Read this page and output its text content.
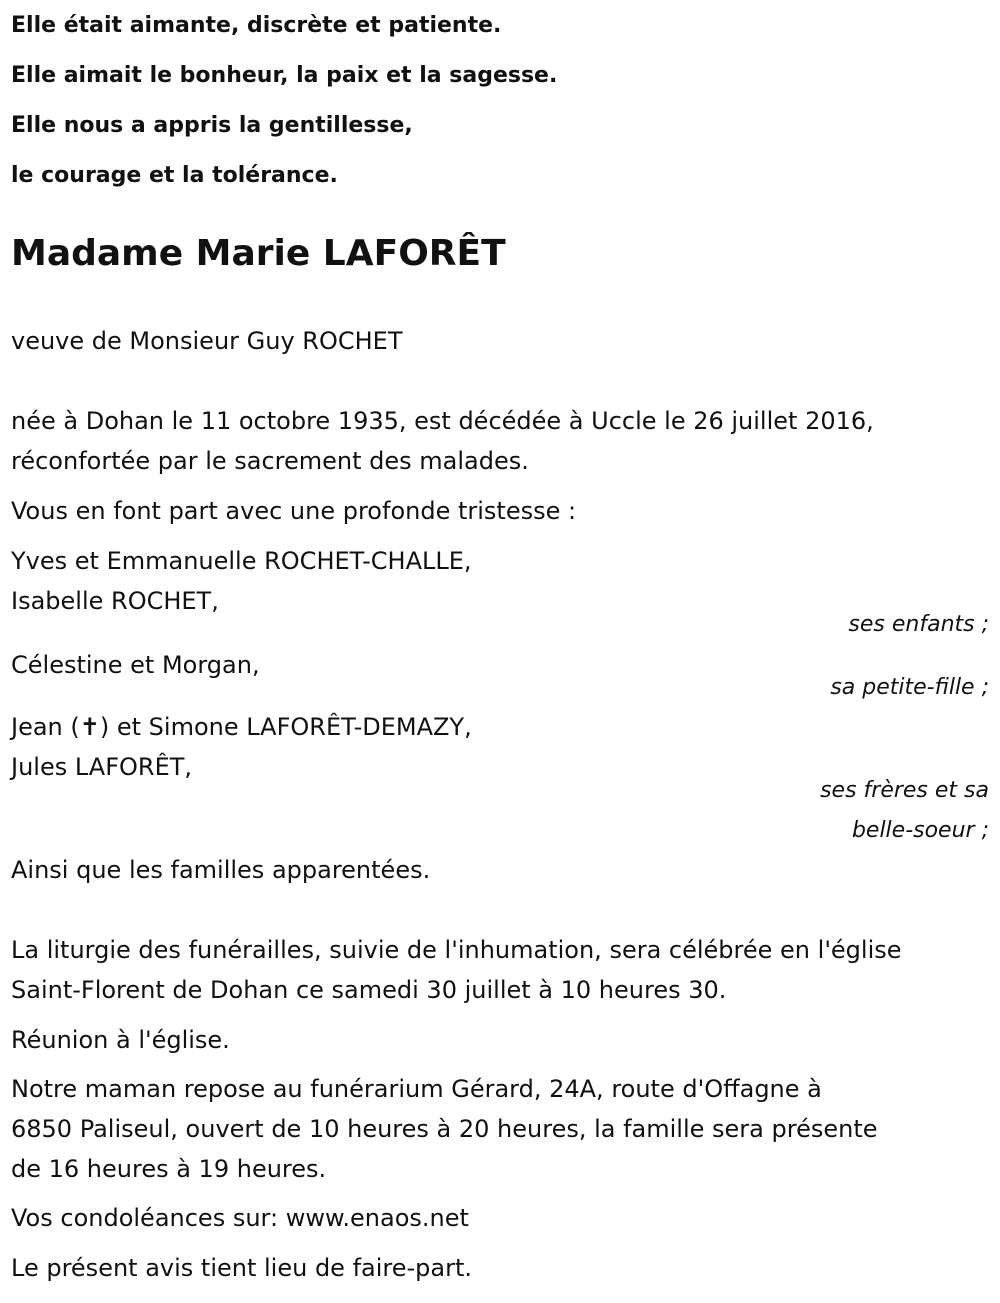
Elle était aimante, discrète et patiente.
Elle aimait le bonheur, la paix et la sagesse.
Elle nous a appris la gentillesse,
le courage et la tolérance.
Madame Marie LAFORÊT
veuve de Monsieur Guy ROCHET
née à Dohan le 11 octobre 1935, est décédée à Uccle le 26 juillet 2016,
réconfortée par le sacrement des malades.
Vous en font part avec une profonde tristesse :
Yves et Emmanuelle ROCHET-CHALLE,
Isabelle ROCHET,
ses enfants ;
Célestine et Morgan,
sa petite-fille ;
Jean (✝) et Simone LAFORÊT-DEMAZY,
Jules LAFORÊT,
ses frères et sa
belle-soeur ;
Ainsi que les familles apparentées.
La liturgie des funérailles, suivie de l'inhumation, sera célébrée en l'église
Saint-Florent de Dohan ce samedi 30 juillet à 10 heures 30.
Réunion à l'église.
Notre maman repose au funérarium Gérard, 24A, route d'Offagne à
6850 Paliseul, ouvert de 10 heures à 20 heures, la famille sera présente
de 16 heures à 19 heures.
Vos condoléances sur: www.enaos.net
Le présent avis tient lieu de faire-part.
